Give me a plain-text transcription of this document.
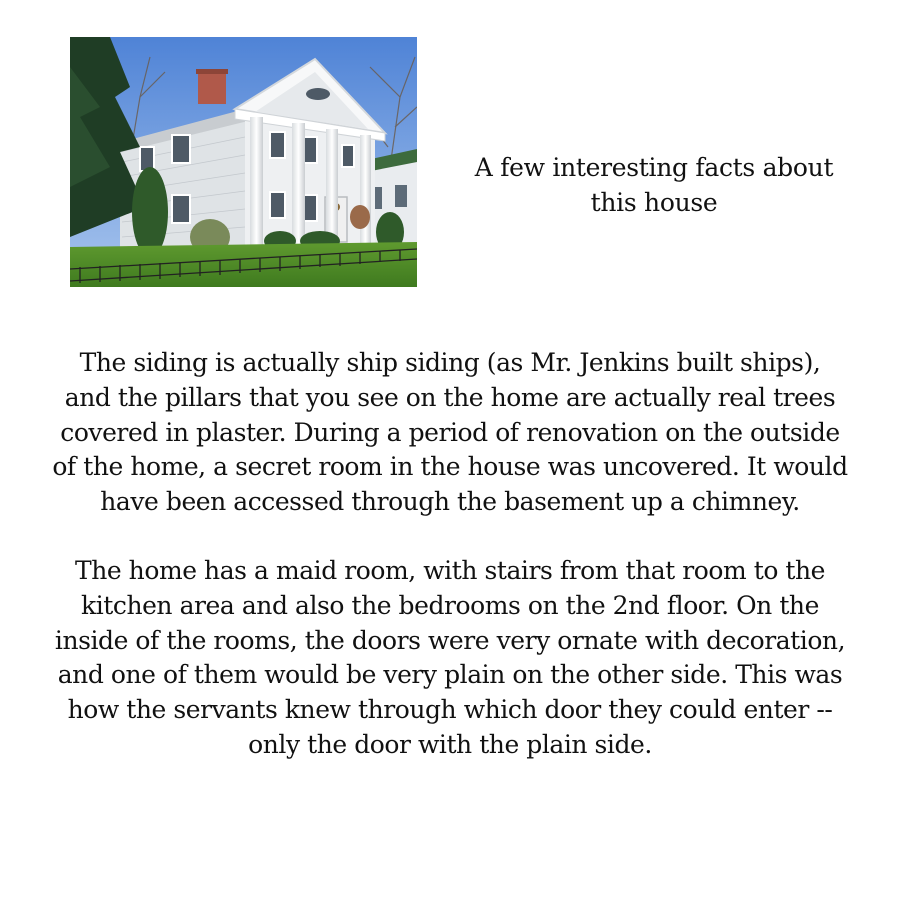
A few interesting facts about
this house

The siding is actually ship siding (as Mr. Jenkins built ships),
and the pillars that you see on the home are actually real trees
covered in plaster. During a period of renovation on the outside
of the home, a secret room in the house was uncovered. It would
have been accessed through the basement up a chimney.

The home has a maid room, with stairs from that room to the
kitchen area and also the bedrooms on the 2nd floor. On the
inside of the rooms, the doors were very ornate with decoration,
and one of them would be very plain on the other side. This was
how the servants knew through which door they could enter --
only the door with the plain side.
